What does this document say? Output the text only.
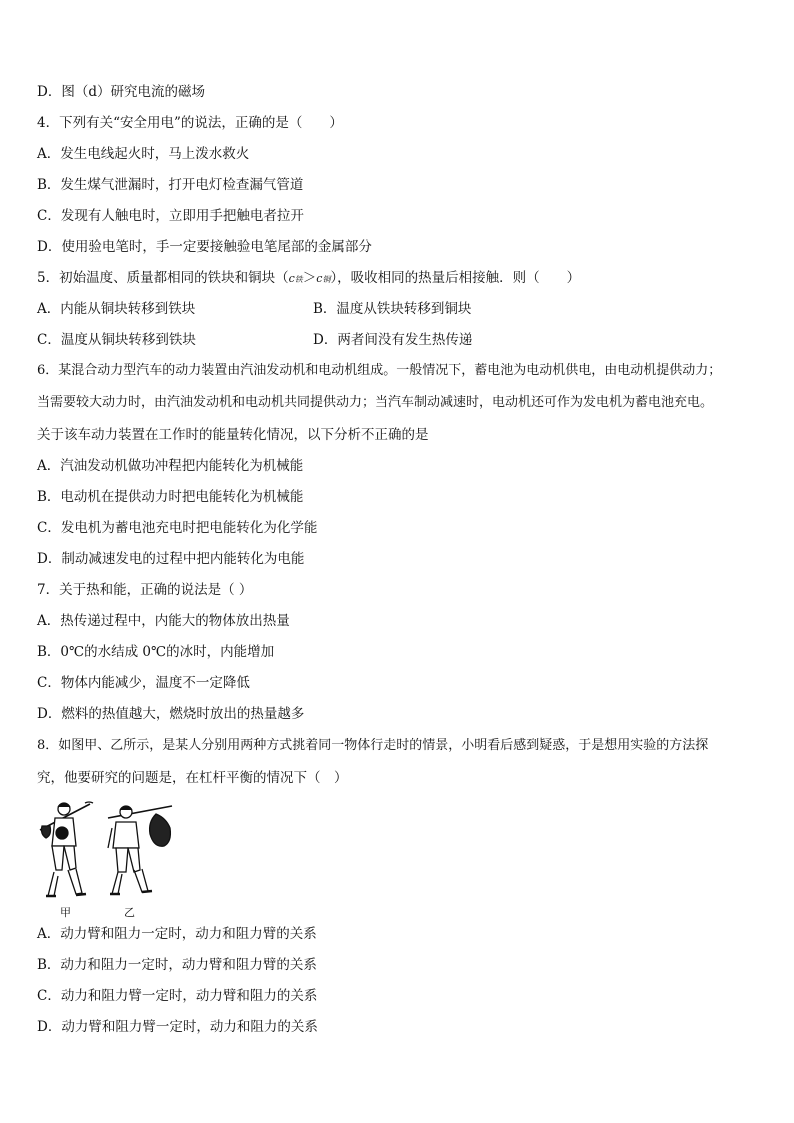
D．图（d）研究电流的磁场
4．下列有关“安全用电”的说法，正确的是（　　）
A．发生电线起火时，马上泼水救火
B．发生煤气泄漏时，打开电灯检查漏气管道
C．发现有人触电时，立即用手把触电者拉开
D．使用验电笔时，手一定要接触验电笔尾部的金属部分
5．初始温度、质量都相同的铁块和铜块（c铁＞c铜），吸收相同的热量后相接触．则（　　）
A．内能从铜块转移到铁块	B．温度从铁块转移到铜块
C．温度从铜块转移到铁块	D．两者间没有发生热传递
6．某混合动力型汽车的动力装置由汽油发动机和电动机组成。一般情况下，蓄电池为电动机供电，由电动机提供动力；
当需要较大动力时，由汽油发动机和电动机共同提供动力；当汽车制动减速时，电动机还可作为发电机为蓄电池充电。
关于该车动力装置在工作时的能量转化情况，以下分析不正确的是
A．汽油发动机做功冲程把内能转化为机械能
B．电动机在提供动力时把电能转化为机械能
C．发电机为蓄电池充电时把电能转化为化学能
D．制动减速发电的过程中把内能转化为电能
7．关于热和能，正确的说法是（ ）
A．热传递过程中，内能大的物体放出热量
B．0℃的水结成 0℃的冰时，内能增加
C．物体内能减少，温度不一定降低
D．燃料的热值越大，燃烧时放出的热量越多
8．如图甲、乙所示，是某人分别用两种方式挑着同一物体行走时的情景，小明看后感到疑惑，于是想用实验的方法探
究，他要研究的问题是，在杠杆平衡的情况下（　）
甲	乙
A．动力臂和阻力一定时，动力和阻力臂的关系
B．动力和阻力一定时，动力臂和阻力臂的关系
C．动力和阻力臂一定时，动力臂和阻力的关系
D．动力臂和阻力臂一定时，动力和阻力的关系
